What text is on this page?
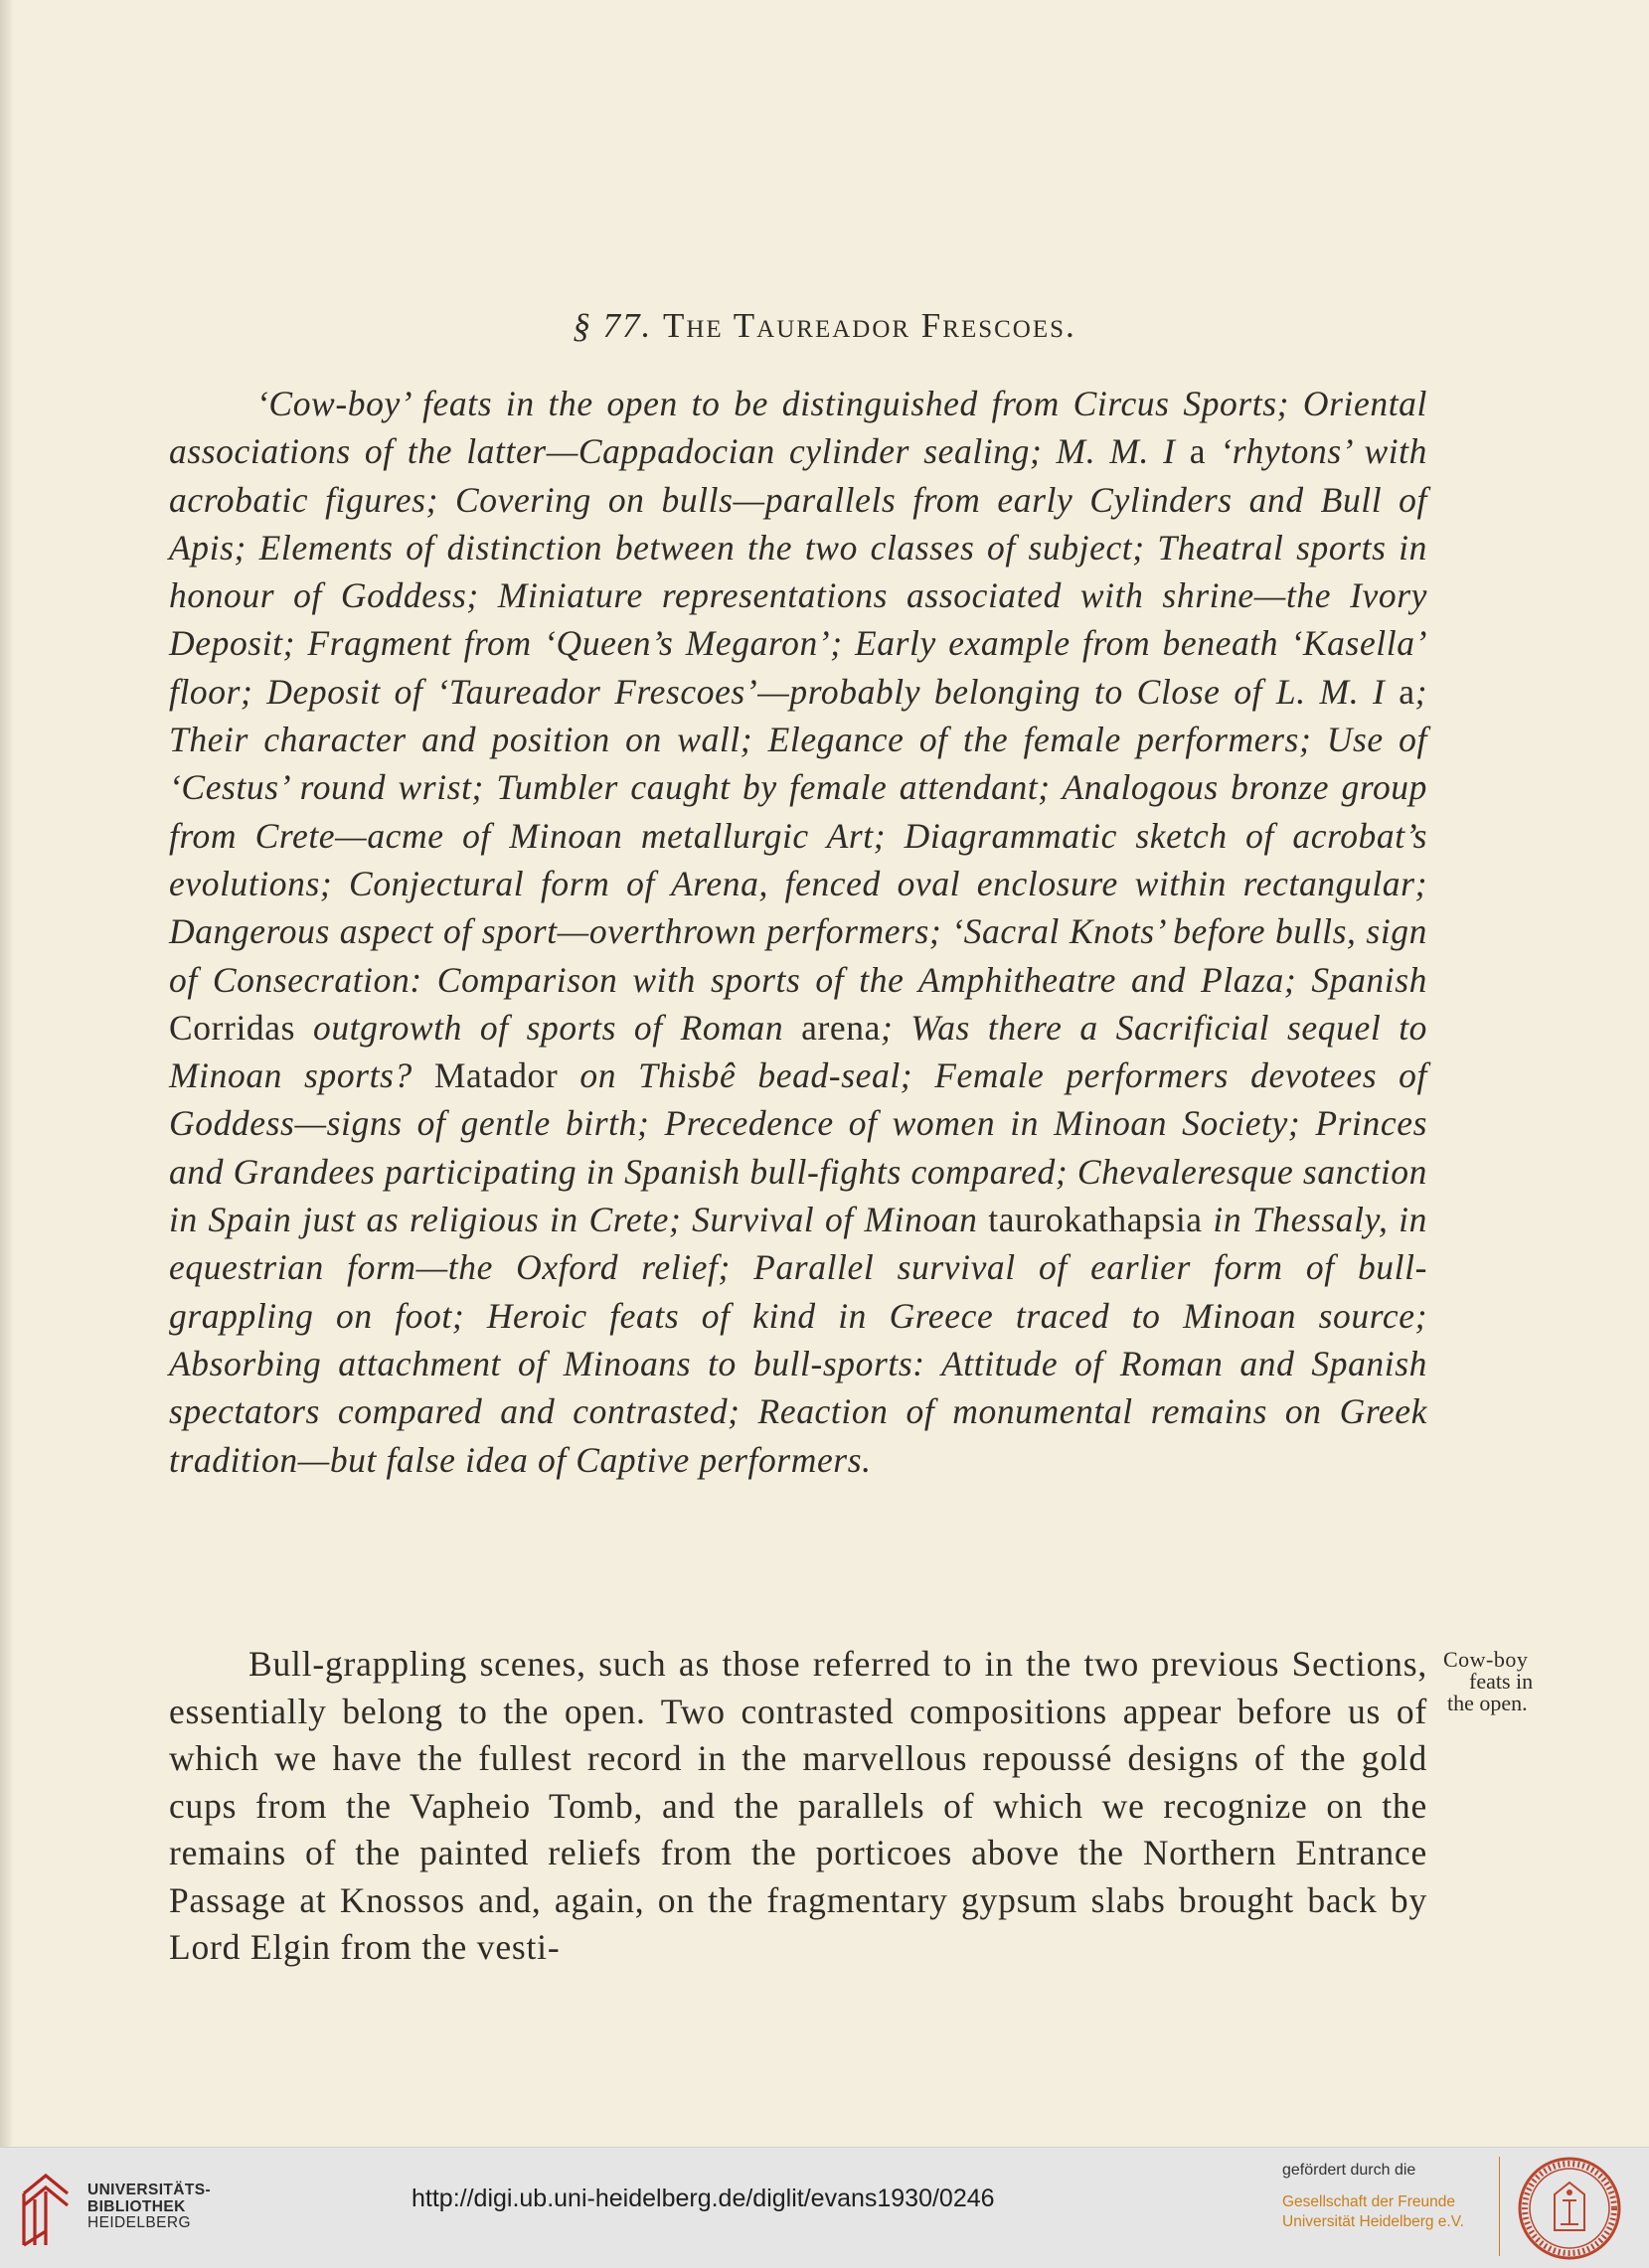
§ 77. The Taureador Frescoes.
‘Cow-boy’ feats in the open to be distinguished from Circus Sports; Oriental associations of the latter—Cappadocian cylinder sealing; M. M. I a ‘rhytons’ with acrobatic figures; Covering on bulls—parallels from early Cylinders and Bull of Apis; Elements of distinction between the two classes of subject; Theatral sports in honour of Goddess; Miniature representations associated with shrine—the Ivory Deposit; Fragment from ‘Queen’s Megaron’; Early example from beneath ‘Kasella’ floor; Deposit of ‘Taureador Frescoes’—probably belonging to Close of L. M. I a; Their character and position on wall; Elegance of the female performers; Use of ‘Cestus’ round wrist; Tumbler caught by female attendant; Analogous bronze group from Crete—acme of Minoan metallurgic Art; Diagrammatic sketch of acrobat’s evolutions; Conjectural form of Arena, fenced oval enclosure within rectangular; Dangerous aspect of sport—overthrown performers; ‘Sacral Knots’ before bulls, sign of Consecration: Comparison with sports of the Amphitheatre and Plaza; Spanish Corridas outgrowth of sports of Roman arena; Was there a Sacrificial sequel to Minoan sports? Matador on Thisbê bead-seal; Female performers devotees of Goddess—signs of gentle birth; Precedence of women in Minoan Society; Princes and Grandees participating in Spanish bull-fights compared; Chevaleresque sanction in Spain just as religious in Crete; Survival of Minoan taurokathapsia in Thessaly, in equestrian form—the Oxford relief; Parallel survival of earlier form of bull-grappling on foot; Heroic feats of kind in Greece traced to Minoan source; Absorbing attachment of Minoans to bull-sports: Attitude of Roman and Spanish spectators compared and contrasted; Reaction of monumental remains on Greek tradition—but false idea of Captive performers.
Bull-grappling scenes, such as those referred to in the two previous Sections, essentially belong to the open. Two contrasted compositions appear before us of which we have the fullest record in the marvellous repoussé designs of the gold cups from the Vapheio Tomb, and the parallels of which we recognize on the remains of the painted reliefs from the porticoes above the Northern Entrance Passage at Knossos and, again, on the fragmentary gypsum slabs brought back by Lord Elgin from the vesti-
Cow-boy
feats in
the open.
UNIVERSITÄTS-
BIBLIOTHEK
HEIDELBERG
http://digi.ub.uni-heidelberg.de/diglit/evans1930/0246
gefördert durch die
Gesellschaft der Freunde
Universität Heidelberg e.V.
